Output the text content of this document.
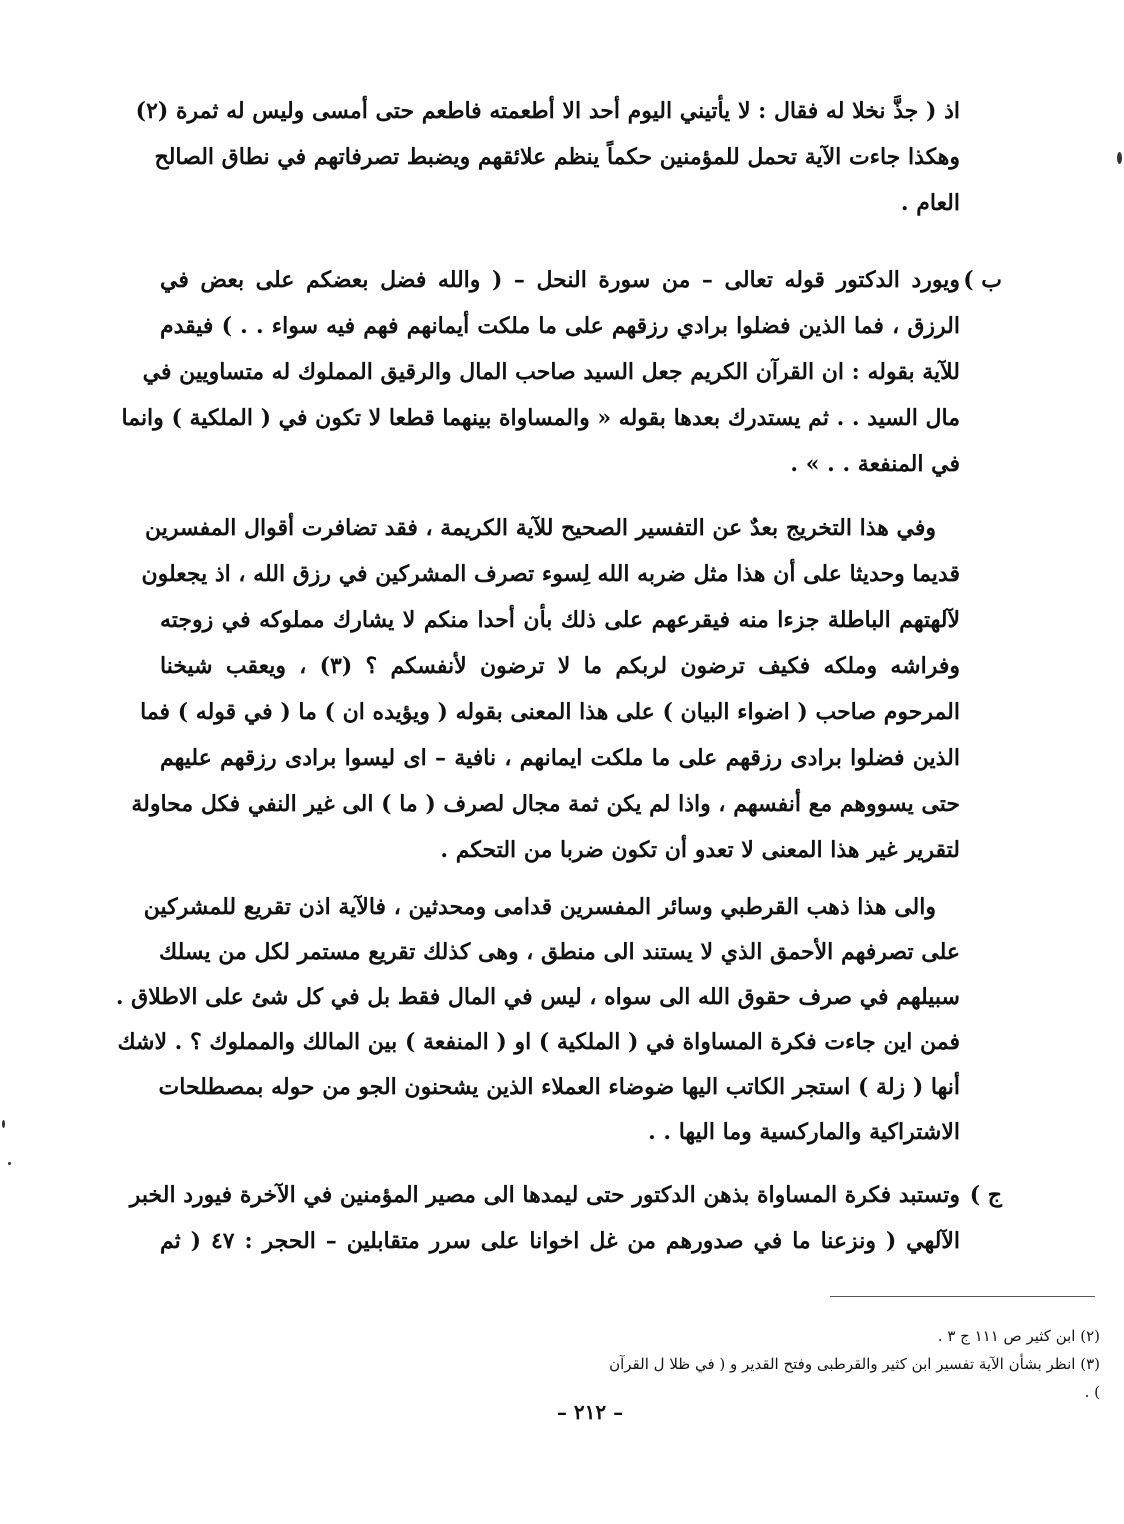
اذ ( جذَّ نخلا له فقال : لا يأتيني اليوم أحد الا أطعمته فاطعم حتى أمسى وليس له ثمرة (٢)
وهكذا جاءت الآية تحمل للمؤمنين حكماً ينظم علائقهم ويضبط تصرفاتهم في نطاق الصالح
العام .
ب )
ويورد الدكتور قوله تعالى – من سورة النحل – ( والله فضل بعضكم على بعض في
الرزق ، فما الذين فضلوا برادي رزقهم على ما ملكت أيمانهم فهم فيه سواء . . ) فيقدم
للآية بقوله : ان القرآن الكريم جعل السيد صاحب المال والرقيق المملوك له متساويين في
مال السيد . . ثم يستدرك بعدها بقوله « والمساواة بينهما قطعا لا تكون في ( الملكية ) وانما
في المنفعة . . » .
وفي هذا التخريج بعدٌ عن التفسير الصحيح للآية الكريمة ، فقد تضافرت أقوال المفسرين
قديما وحديثا على أن هذا مثل ضربه الله لِسوء تصرف المشركين في رزق الله ، اذ يجعلون
لآلهتهم الباطلة جزءا منه فيقرعهم على ذلك بأن أحدا منكم لا يشارك مملوكه في زوجته
وفراشه وملكه فكيف ترضون لربكم ما لا ترضون لأنفسكم ؟ (٣) ، ويعقب شيخنا
المرحوم صاحب ( اضواء البيان ) على هذا المعنى بقوله ( ويؤيده ان ) ما ( في قوله ) فما
الذين فضلوا برادى رزقهم على ما ملكت ايمانهم ، نافية – اى ليسوا برادى رزقهم عليهم
حتى يسووهم مع أنفسهم ، واذا لم يكن ثمة مجال لصرف ( ما ) الى غير النفي فكل محاولة
لتقرير غير هذا المعنى لا تعدو أن تكون ضربا من التحكم .
والى هذا ذهب القرطبي وسائر المفسرين قدامى ومحدثين ، فالآية اذن تقريع للمشركين
على تصرفهم الأحمق الذي لا يستند الى منطق ، وهى كذلك تقريع مستمر لكل من يسلك
سبيلهم في صرف حقوق الله الى سواه ، ليس في المال فقط بل في كل شئ على الاطلاق .
فمن اين جاءت فكرة المساواة في ( الملكية ) او ( المنفعة ) بين المالك والمملوك ؟ . لاشك
أنها ( زلة ) استجر الكاتب اليها ضوضاء العملاء الذين يشحنون الجو من حوله بمصطلحات
الاشتراكية والماركسية وما اليها . .
ج )
وتستبد فكرة المساواة بذهن الدكتور حتى ليمدها الى مصير المؤمنين في الآخرة فيورد الخبر
الآلهي ( ونزعنا ما في صدورهم من غل اخوانا على سرر متقابلين – الحجر : ٤٧ ( ثم
(٢) ابن كثير ص ١١١ ج ٣ .
(٣) انظر بشأن الآية تفسير ابن كثير والقرطبى وفتح القدير و ( في ظلا ل القرآن ) .
– ٢١٢ –
